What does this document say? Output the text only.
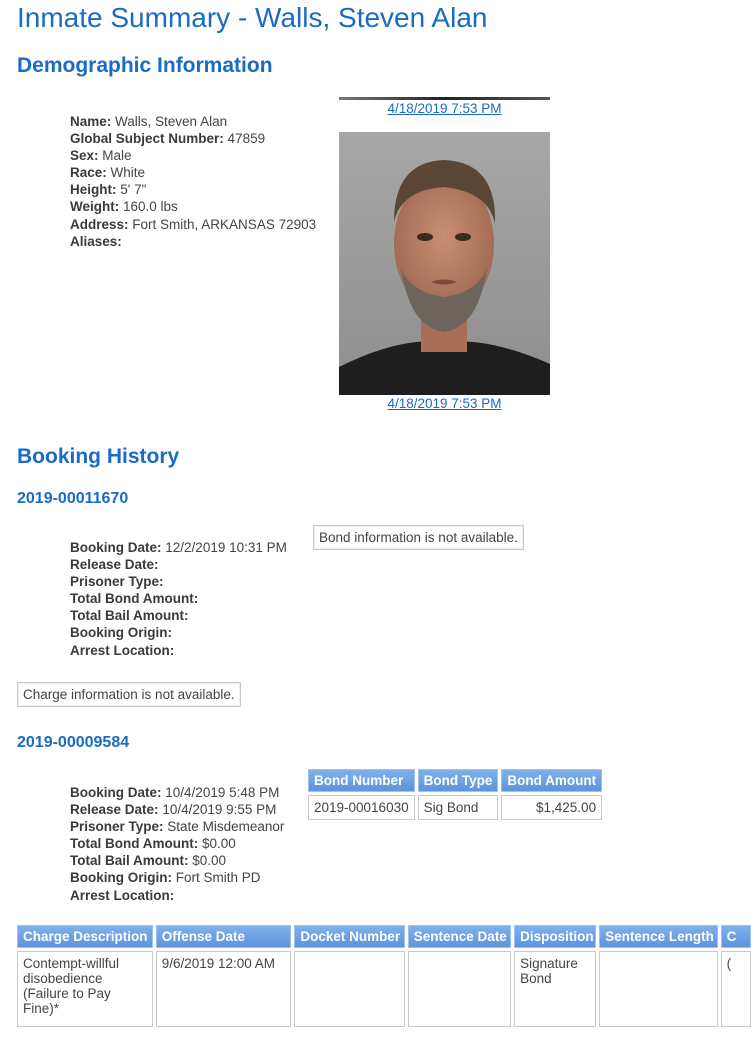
Inmate Summary - Walls, Steven Alan
Demographic Information
Name: Walls, Steven Alan
Global Subject Number: 47859
Sex: Male
Race: White
Height: 5' 7"
Weight: 160.0 lbs
Address: Fort Smith, ARKANSAS 72903
Aliases:
4/18/2019 7:53 PM
4/18/2019 7:53 PM
Booking History
2019-00011670
Booking Date: 12/2/2019 10:31 PM
Release Date:
Prisoner Type:
Total Bond Amount:
Total Bail Amount:
Booking Origin:
Arrest Location:
Bond information is not available.
Charge information is not available.
2019-00009584
Booking Date: 10/4/2019 5:48 PM
Release Date: 10/4/2019 9:55 PM
Prisoner Type: State Misdemeanor
Total Bond Amount: $0.00
Total Bail Amount: $0.00
Booking Origin: Fort Smith PD
Arrest Location:
Bond Number	Bond Type	Bond Amount
2019-00016030	Sig Bond	$1,425.00
Charge Description	Offense Date	Docket Number	Sentence Date	Disposition	Sentence Length	C
Contempt-willful disobedience (Failure to Pay Fine)*	9/6/2019 12:00 AM			Signature Bond		(
